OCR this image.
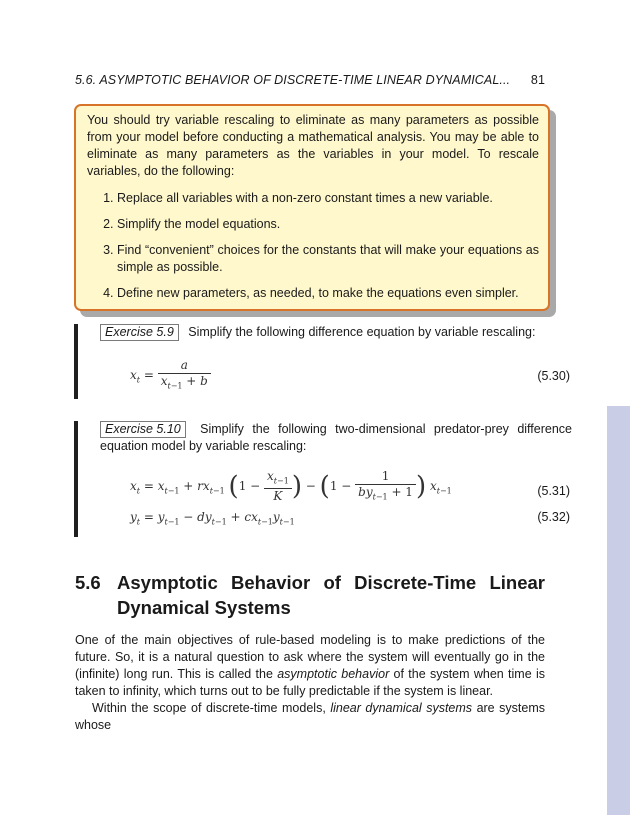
5.6. ASYMPTOTIC BEHAVIOR OF DISCRETE-TIME LINEAR DYNAMICAL... 81

You should try variable rescaling to eliminate as many parameters as possible from your model before conducting a mathematical analysis. You may be able to eliminate as many parameters as the variables in your model. To rescale variables, do the following:

1. Replace all variables with a non-zero constant times a new variable.
2. Simplify the model equations.
3. Find “convenient” choices for the constants that will make your equations as simple as possible.
4. Define new parameters, as needed, to make the equations even simpler.
Exercise 5.9 Simplify the following difference equation by variable rescaling:
$x_t = \frac{a}{x_{t-1} + b}$	(5.30)
Exercise 5.10 Simplify the following two-dimensional predator-prey difference equation model by variable rescaling:
$x_t = x_{t-1} + rx_{t-1}$ ($1 - \frac{x_{t-1}}{K}$ ) − ($1 - \frac{1}{by_{t-1} + 1}$ ) $x_{t-1}$	(5.31)
$y_t = y_{t-1} - dy_{t-1} + cx_{t-1}y_{t-1}$	(5.32)
5.6 Asymptotic Behavior of Discrete-Time Linear Dynamical Systems

One of the main objectives of rule-based modeling is to make predictions of the future. So, it is a natural question to ask where the system will eventually go in the (infinite) long run. This is called the asymptotic behavior of the system when time is taken to infinity, which turns out to be fully predictable if the system is linear.

Within the scope of discrete-time models, linear dynamical systems are systems whose
